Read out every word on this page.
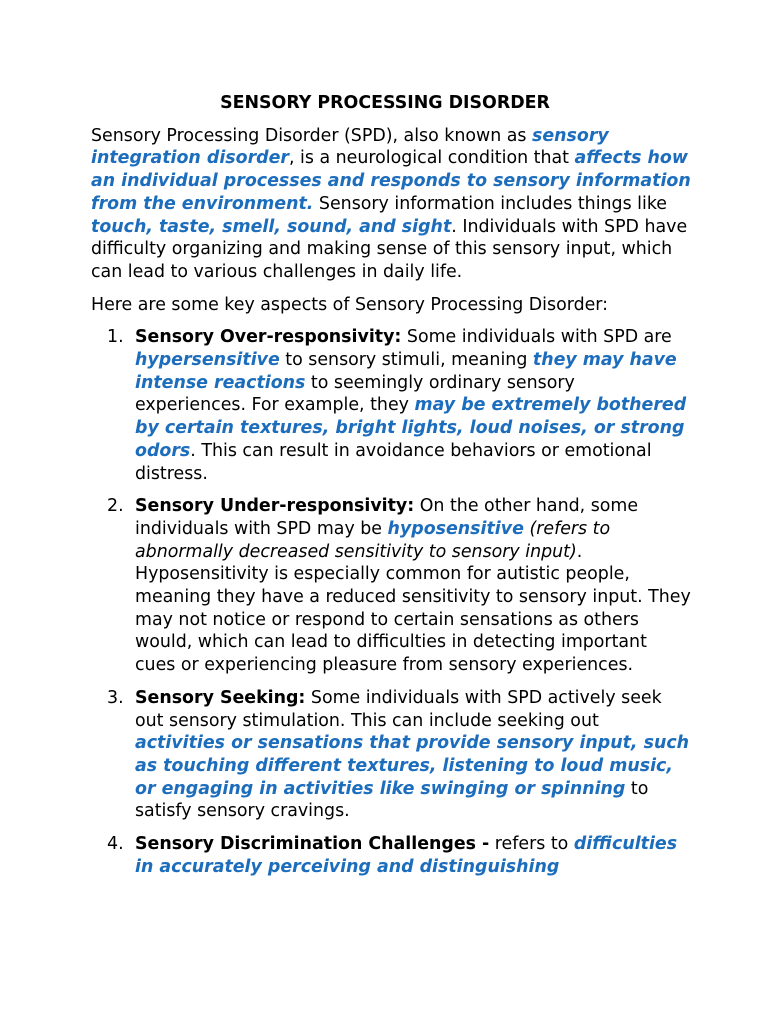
SENSORY PROCESSING DISORDER

Sensory Processing Disorder (SPD), also known as sensory integration disorder, is a neurological condition that affects how an individual processes and responds to sensory information from the environment. Sensory information includes things like touch, taste, smell, sound, and sight. Individuals with SPD have difficulty organizing and making sense of this sensory input, which can lead to various challenges in daily life.

Here are some key aspects of Sensory Processing Disorder:

1. Sensory Over-responsivity: Some individuals with SPD are hypersensitive to sensory stimuli, meaning they may have intense reactions to seemingly ordinary sensory experiences. For example, they may be extremely bothered by certain textures, bright lights, loud noises, or strong odors. This can result in avoidance behaviors or emotional distress.
2. Sensory Under-responsivity: On the other hand, some individuals with SPD may be hyposensitive (refers to abnormally decreased sensitivity to sensory input). Hyposensitivity is especially common for autistic people, meaning they have a reduced sensitivity to sensory input. They may not notice or respond to certain sensations as others would, which can lead to difficulties in detecting important cues or experiencing pleasure from sensory experiences.
3. Sensory Seeking: Some individuals with SPD actively seek out sensory stimulation. This can include seeking out activities or sensations that provide sensory input, such as touching different textures, listening to loud music, or engaging in activities like swinging or spinning to satisfy sensory cravings.
4. Sensory Discrimination Challenges - refers to difficulties in accurately perceiving and distinguishing
